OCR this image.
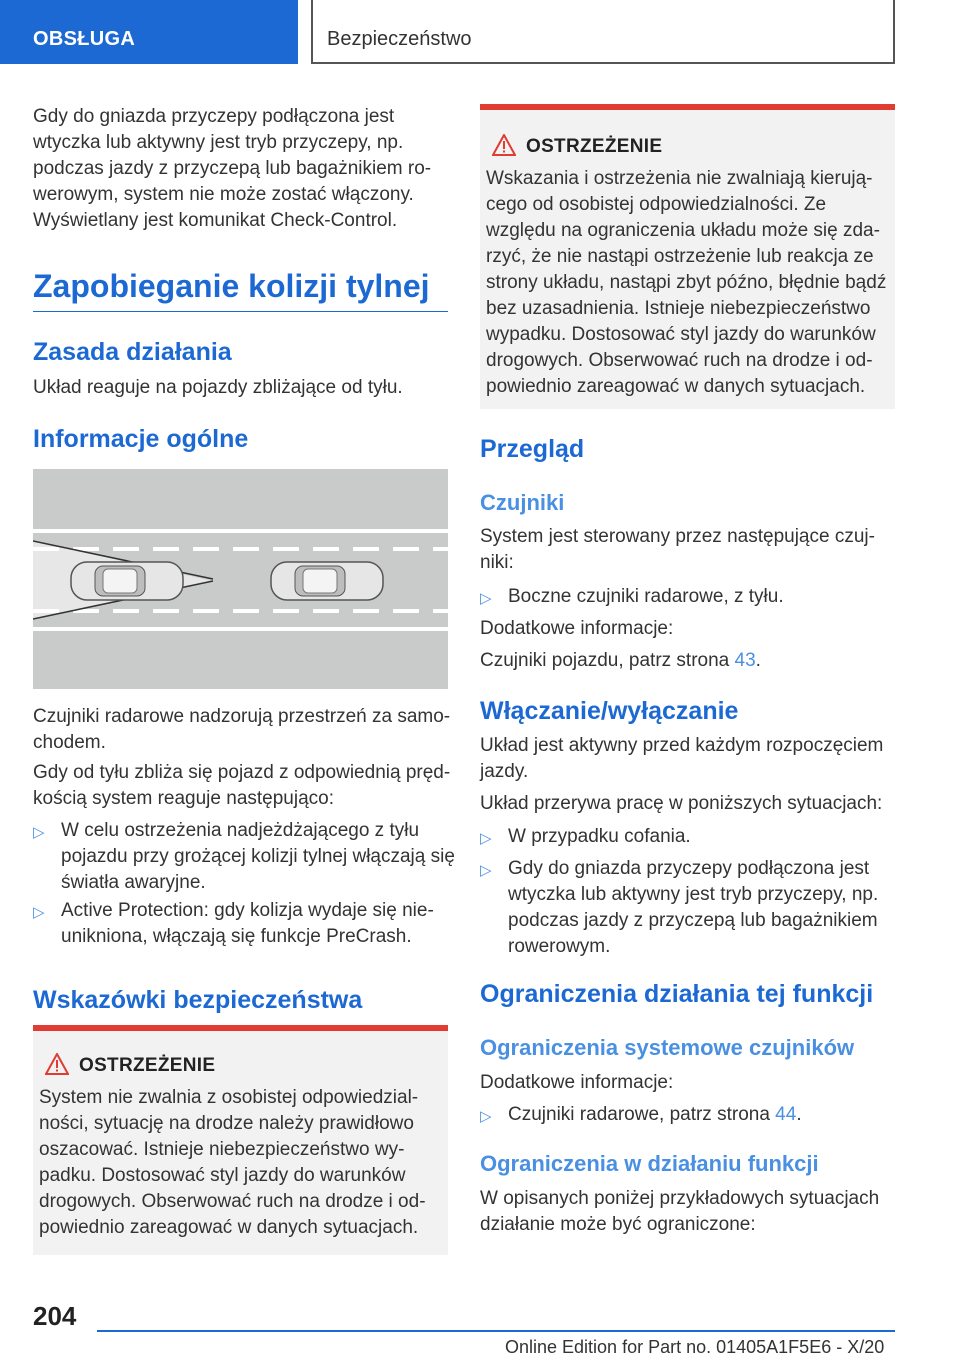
OBSŁUGA	Bezpieczeństwo

Gdy do gniazda przyczepy podłączona jest

wtyczka lub aktywny jest tryb przyczepy, np.

podczas jazdy z przyczepą lub bagażnikiem ro-

werowym, system nie może zostać włączony.

Wyświetlany jest komunikat Check-Control.

Zapobieganie kolizji tylnej
Zasada działania

Układ reaguje na pojazdy zbliżające od tyłu.

Informacje ogólne

Czujniki radarowe nadzorują przestrzeń za samo-

chodem.

Gdy od tyłu zbliża się pojazd z odpowiednią pręd-

kością system reaguje następująco:

▷ W celu ostrzeżenia nadjeżdżającego z tyłu

pojazdu przy grożącej kolizji tylnej włączają się

światła awaryjne.

▷ Active Protection: gdy kolizja wydaje się nie-

unikniona, włączają się funkcje PreCrash.

Wskazówki bezpieczeństwa
OSTRZEŻENIE

System nie zwalnia z osobistej odpowiedzial-

ności, sytuację na drodze należy prawidłowo

oszacować. Istnieje niebezpieczeństwo wy-

padku. Dostosować styl jazdy do warunków

drogowych. Obserwować ruch na drodze i od-

powiednio zareagować w danych sytuacjach.

OSTRZEŻENIE

Wskazania i ostrzeżenia nie zwalniają kierują-

cego od osobistej odpowiedzialności. Ze

względu na ograniczenia układu może się zda-

rzyć, że nie nastąpi ostrzeżenie lub reakcja ze

strony układu, nastąpi zbyt późno, błędnie bądź

bez uzasadnienia. Istnieje niebezpieczeństwo

wypadku. Dostosować styl jazdy do warunków

drogowych. Obserwować ruch na drodze i od-

powiednio zareagować w danych sytuacjach.

Przegląd
Czujniki

System jest sterowany przez następujące czuj-

niki:

▷ Boczne czujniki radarowe, z tyłu.

Dodatkowe informacje:

Czujniki pojazdu, patrz strona 43.

Włączanie/wyłączanie

Układ jest aktywny przed każdym rozpoczęciem

jazdy.

Układ przerywa pracę w poniższych sytuacjach:

▷ W przypadku cofania.

▷ Gdy do gniazda przyczepy podłączona jest

wtyczka lub aktywny jest tryb przyczepy, np.

podczas jazdy z przyczepą lub bagażnikiem

rowerowym.

Ograniczenia działania tej funkcji
Ograniczenia systemowe czujników

Dodatkowe informacje:

▷ Czujniki radarowe, patrz strona 44.

Ograniczenia w działaniu funkcji

W opisanych poniżej przykładowych sytuacjach

działanie może być ograniczone:

204
Online Edition for Part no. 01405A1F5E6 - X/20
